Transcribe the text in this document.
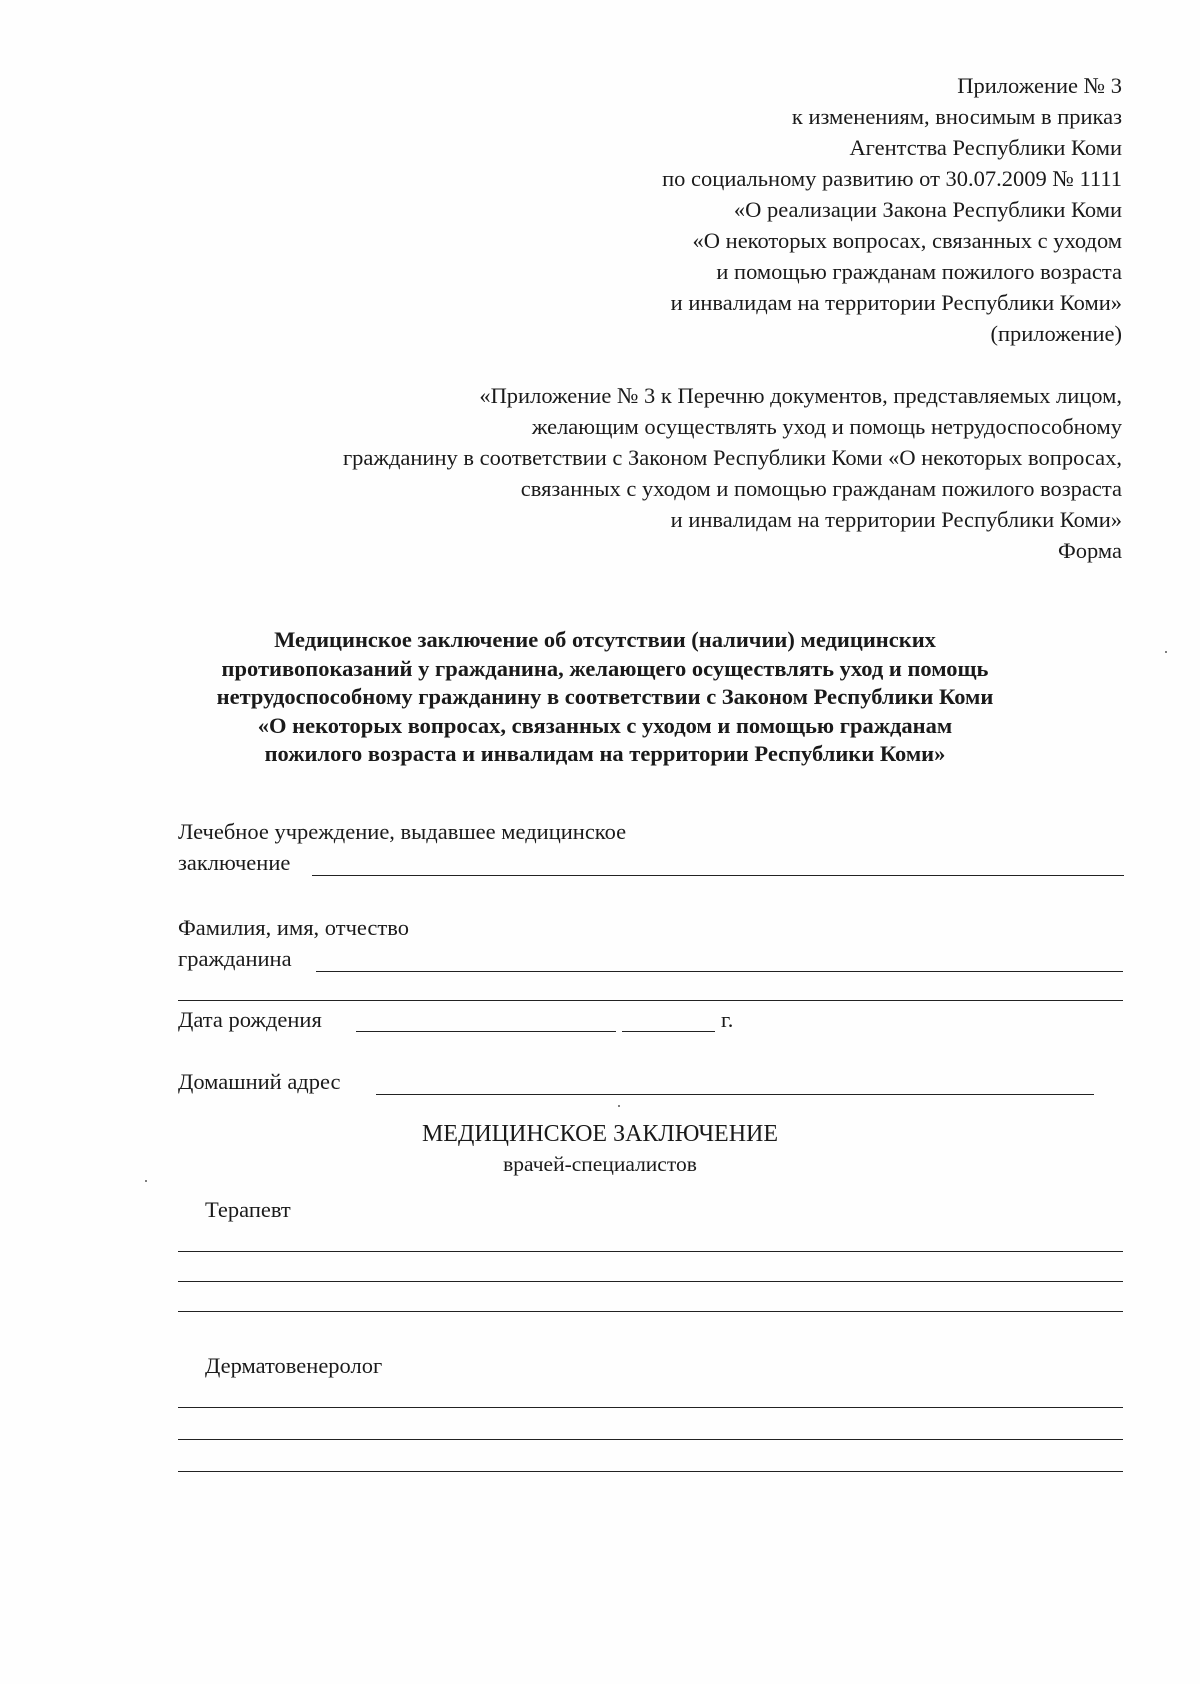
Приложение № 3
к изменениям, вносимым в приказ
Агентства Республики Коми
по социальному развитию от 30.07.2009 № 1111
«О реализации Закона Республики Коми
«О некоторых вопросах, связанных с уходом
и помощью гражданам пожилого возраста
и инвалидам на территории Республики Коми»
(приложение)
«Приложение № 3 к Перечню документов, представляемых лицом,
желающим осуществлять уход и помощь нетрудоспособному
гражданину в соответствии с Законом Республики Коми «О некоторых вопросах,
связанных с уходом и помощью гражданам пожилого возраста
и инвалидам на территории Республики Коми»
Форма
Медицинское заключение об отсутствии (наличии) медицинских
противопоказаний у гражданина, желающего осуществлять уход и помощь
нетрудоспособному гражданину в соответствии с Законом Республики Коми
«О некоторых вопросах, связанных с уходом и помощью гражданам
пожилого возраста и инвалидам на территории Республики Коми»
Лечебное учреждение, выдавшее медицинское
заключение
Фамилия, имя, отчество
гражданина
Дата рождения	г.
Домашний адрес
МЕДИЦИНСКОЕ ЗАКЛЮЧЕНИЕ
врачей-специалистов
Терапевт
Дерматовенеролог
